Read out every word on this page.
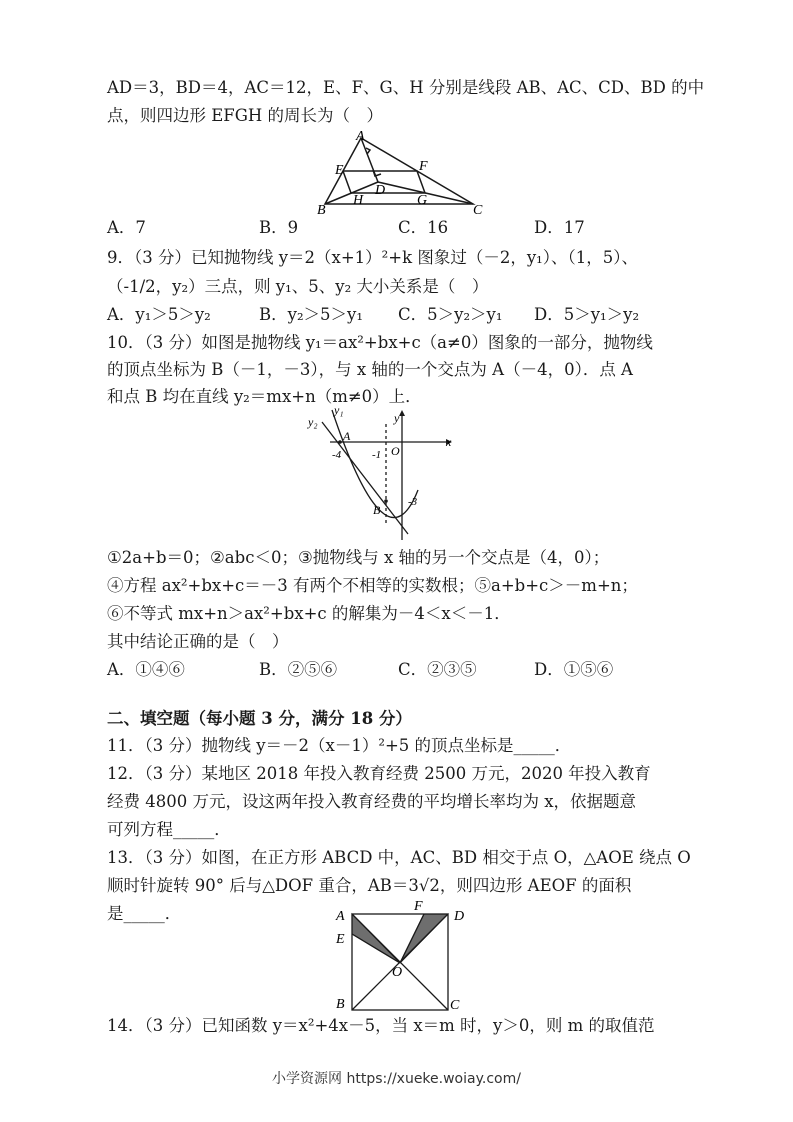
AD＝3，BD＝4，AC＝12，E、F、G、H 分别是线段 AB、AC、CD、BD 的中
点，则四边形 EFGH 的周长为（　）
A
E	F
D
H	G
B	C
A．7	B．9	C．16	D．17
9．（3 分）已知抛物线 y＝2（x+1）²+k 图象过（－2，y₁）、（1，5）、
（-1/2，y₂）三点，则 y₁、5、y₂ 大小关系是（　）
A．y₁＞5＞y₂	B．y₂＞5＞y₁ C．5＞y₂＞y₁ D．5＞y₁＞y₂
10．（3 分）如图是抛物线 y₁＝ax²+bx+c（a≠0）图象的一部分，抛物线
的顶点坐标为 B（－1，－3），与 x 轴的一个交点为 A（－4，0）．点 A
和点 B 均在直线 y₂＝mx+n（m≠0）上．
y₁
y₂	y
x
A
-4	-1 O
-3
B
①2a+b＝0；②abc＜0；③抛物线与 x 轴的另一个交点是（4，0）；
④方程 ax²+bx+c＝－3 有两个不相等的实数根；⑤a+b+c＞－m+n；
⑥不等式 mx+n＞ax²+bx+c 的解集为－4＜x＜－1．
其中结论正确的是（　）
A．①④⑥	B．②⑤⑥	C．②③⑤	D．①⑤⑥
二、填空题（每小题 3 分，满分 18 分）
11．（3 分）抛物线 y＝－2（x－1）²+5 的顶点坐标是_____．
12．（3 分）某地区 2018 年投入教育经费 2500 万元，2020 年投入教育
经费 4800 万元，设这两年投入教育经费的平均增长率均为 x，依据题意
可列方程_____．
13．（3 分）如图，在正方形 ABCD 中，AC、BD 相交于点 O，△AOE 绕点 O
顺时针旋转 90° 后与△DOF 重合，AB＝3√2，则四边形 AEOF 的面积
是_____．	A
E
F
D
O
B	C
14．（3 分）已知函数 y＝x²+4x－5，当 x＝m 时，y＞0，则 m 的取值范
小学资源网 https://xueke.woiay.com/
